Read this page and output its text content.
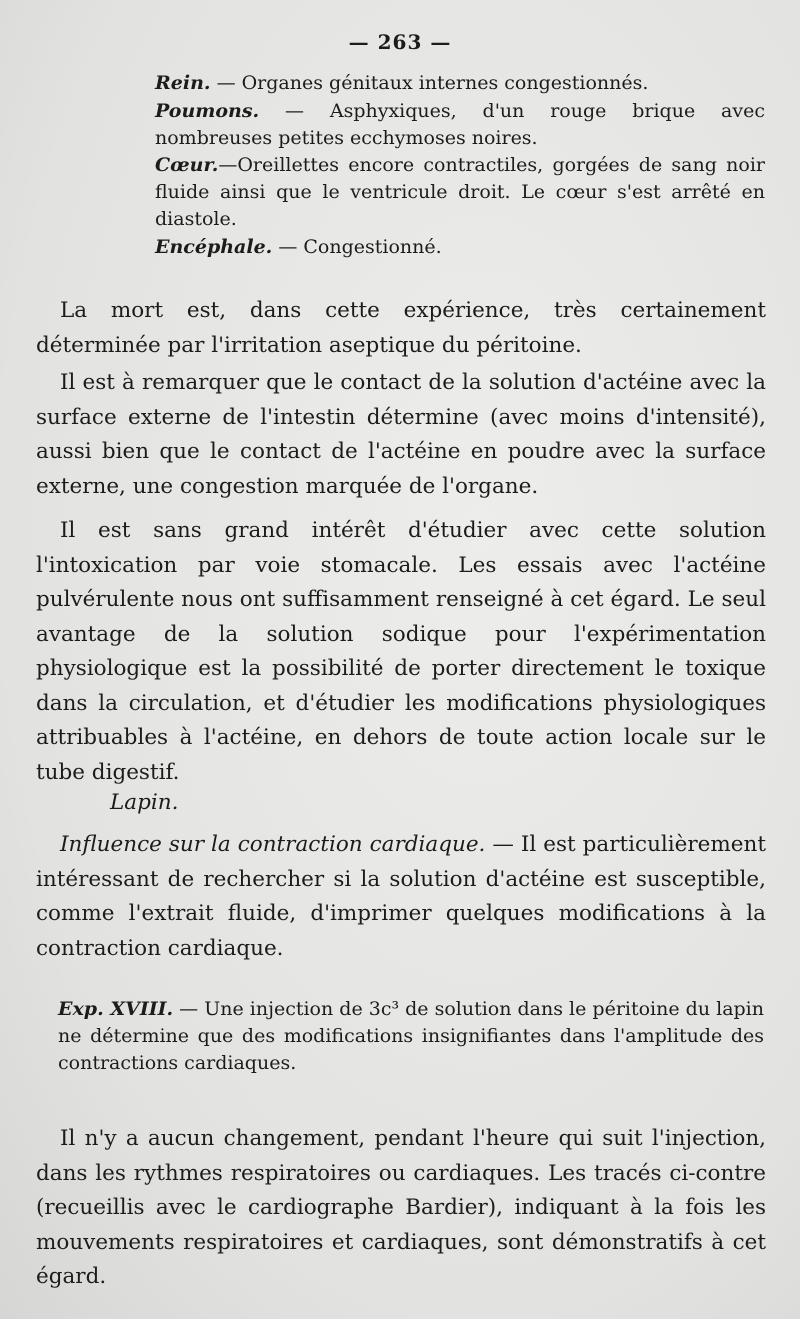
— 263 —
Rein. — Organes génitaux internes congestionnés.
Poumons. — Asphyxiques, d'un rouge brique avec nombreuses petites ecchymoses noires.
Cœur.—Oreillettes encore contractiles, gorgées de sang noir fluide ainsi que le ventricule droit. Le cœur s'est arrêté en diastole.
Encéphale. — Congestionné.
La mort est, dans cette expérience, très certainement déterminée par l'irritation aseptique du péritoine.
Il est à remarquer que le contact de la solution d'actéine avec la surface externe de l'intestin détermine (avec moins d'intensité), aussi bien que le contact de l'actéine en poudre avec la surface externe, une congestion marquée de l'organe.
Il est sans grand intérêt d'étudier avec cette solution l'intoxication par voie stomacale. Les essais avec l'actéine pulvérulente nous ont suffisamment renseigné à cet égard. Le seul avantage de la solution sodique pour l'expérimentation physiologique est la possibilité de porter directement le toxique dans la circulation, et d'étudier les modifications physiologiques attribuables à l'actéine, en dehors de toute action locale sur le tube digestif.
Lapin.
Influence sur la contraction cardiaque. — Il est particulièrement intéressant de rechercher si la solution d'actéine est susceptible, comme l'extrait fluide, d'imprimer quelques modifications à la contraction cardiaque.
Exp. XVIII. — Une injection de 3c³ de solution dans le péritoine du lapin ne détermine que des modifications insignifiantes dans l'amplitude des contractions cardiaques.
Il n'y a aucun changement, pendant l'heure qui suit l'injection, dans les rythmes respiratoires ou cardiaques. Les tracés ci-contre (recueillis avec le cardiographe Bardier), indiquant à la fois les mouvements respiratoires et cardiaques, sont démonstratifs à cet égard.
